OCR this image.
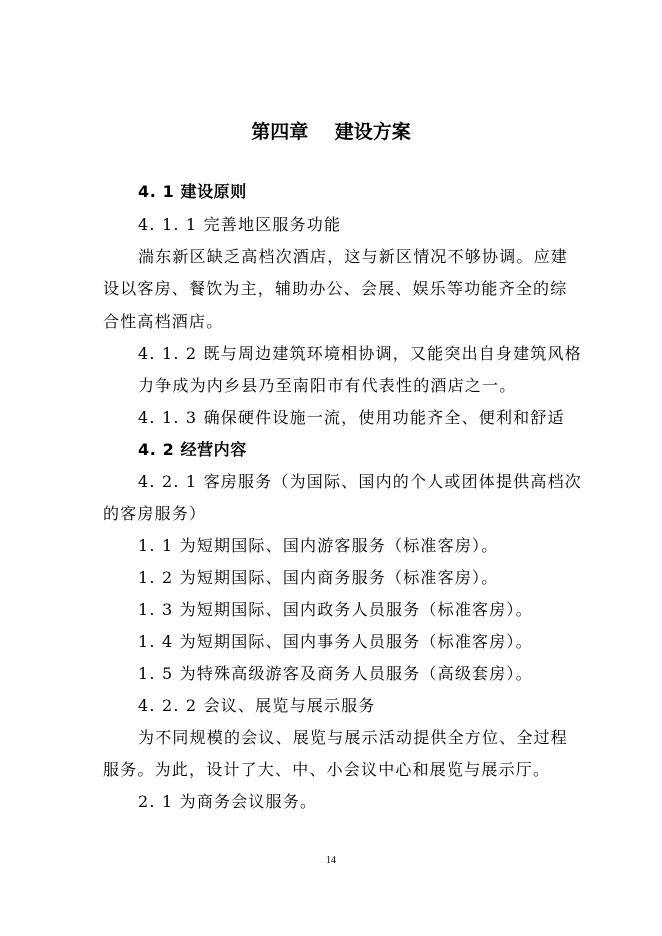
第四章    建设方案
4. 1 建设原则
4. 1. 1 完善地区服务功能
湍东新区缺乏高档次酒店，这与新区情况不够协调。应建
设以客房、餐饮为主，辅助办公、会展、娱乐等功能齐全的综
合性高档酒店。
4. 1. 2 既与周边建筑环境相协调，又能突出自身建筑风格
力争成为内乡县乃至南阳市有代表性的酒店之一。
4. 1. 3 确保硬件设施一流，使用功能齐全、便利和舒适
4. 2 经营内容
4. 2. 1 客房服务（为国际、国内的个人或团体提供高档次
的客房服务）
1. 1 为短期国际、国内游客服务（标准客房）。
1. 2 为短期国际、国内商务服务（标准客房）。
1. 3 为短期国际、国内政务人员服务（标准客房）。
1. 4 为短期国际、国内事务人员服务（标准客房）。
1. 5 为特殊高级游客及商务人员服务（高级套房）。
4. 2. 2 会议、展览与展示服务
为不同规模的会议、展览与展示活动提供全方位、全过程
服务。为此，设计了大、中、小会议中心和展览与展示厅。
2. 1 为商务会议服务。
14
